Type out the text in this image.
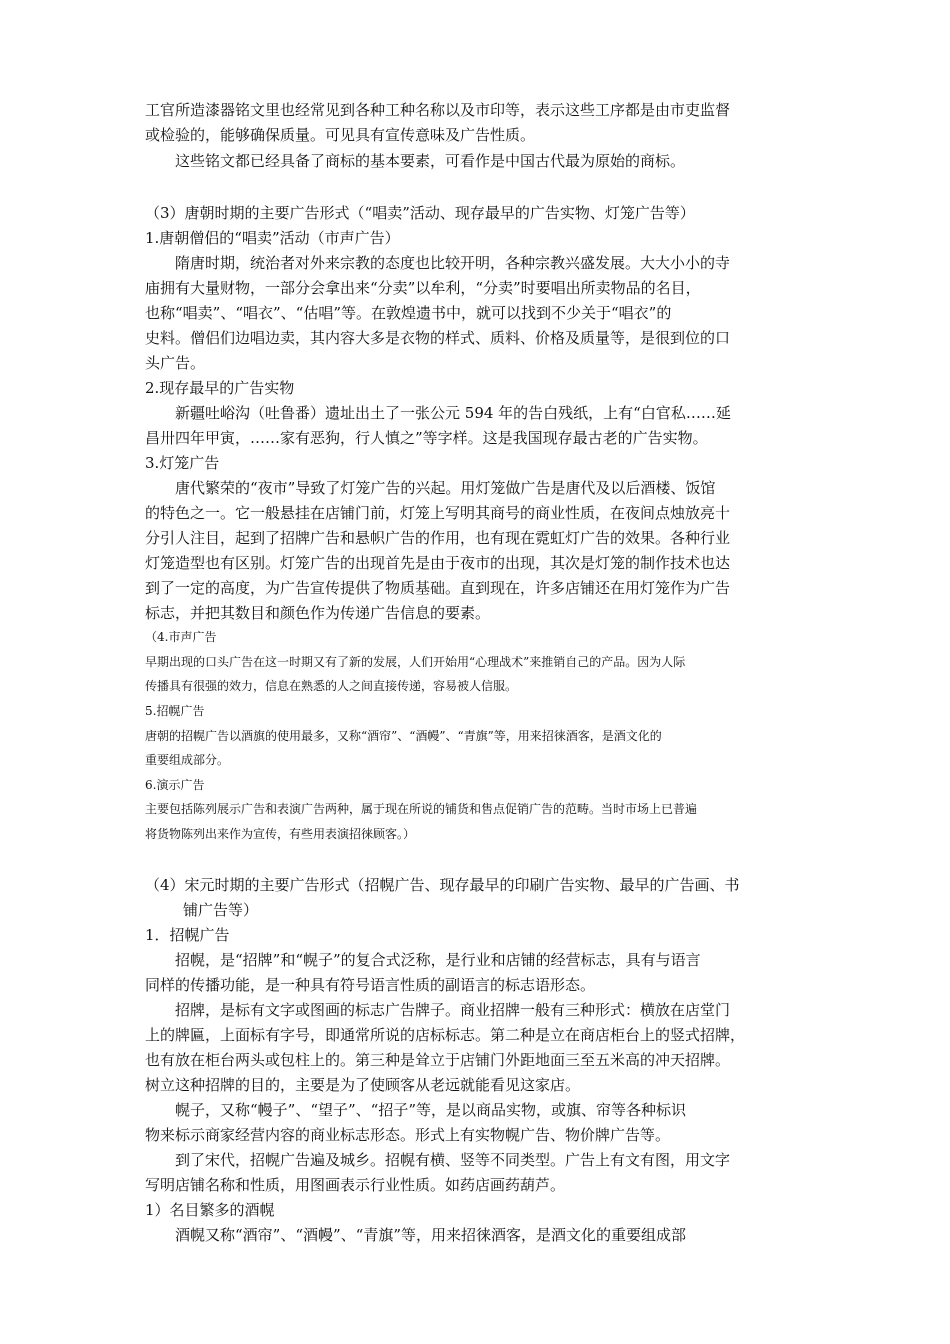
工官所造漆器铭文里也经常见到各种工种名称以及市印等，表示这些工序都是由市吏监督
或检验的，能够确保质量。可见具有宣传意味及广告性质。
这些铭文都已经具备了商标的基本要素，可看作是中国古代最为原始的商标。
（3）唐朝时期的主要广告形式（“唱卖”活动、现存最早的广告实物、灯笼广告等）
1.唐朝僧侣的“唱卖”活动（市声广告）
隋唐时期，统治者对外来宗教的态度也比较开明，各种宗教兴盛发展。大大小小的寺
庙拥有大量财物，一部分会拿出来“分卖”以牟利，“分卖”时要唱出所卖物品的名目，
也称“唱卖”、“唱衣”、“估唱”等。在敦煌遗书中，就可以找到不少关于“唱衣”的
史料。僧侣们边唱边卖，其内容大多是衣物的样式、质料、价格及质量等，是很到位的口
头广告。
2.现存最早的广告实物
新疆吐峪沟（吐鲁番）遗址出土了一张公元 594 年的告白残纸，上有“白官私……延
昌卅四年甲寅，……家有恶狗，行人慎之”等字样。这是我国现存最古老的广告实物。
3.灯笼广告
唐代繁荣的“夜市”导致了灯笼广告的兴起。用灯笼做广告是唐代及以后酒楼、饭馆
的特色之一。它一般悬挂在店铺门前，灯笼上写明其商号的商业性质，在夜间点烛放亮十
分引人注目，起到了招牌广告和悬帜广告的作用，也有现在霓虹灯广告的效果。各种行业
灯笼造型也有区别。灯笼广告的出现首先是由于夜市的出现，其次是灯笼的制作技术也达
到了一定的高度，为广告宣传提供了物质基础。直到现在，许多店铺还在用灯笼作为广告
标志，并把其数目和颜色作为传递广告信息的要素。
（4.市声广告
早期出现的口头广告在这一时期又有了新的发展，人们开始用“心理战术”来推销自己的产品。因为人际
传播具有很强的效力，信息在熟悉的人之间直接传递，容易被人信服。
5.招幌广告
唐朝的招幌广告以酒旗的使用最多，又称“酒帘”、“酒幔”、“青旗”等，用来招徕酒客，是酒文化的
重要组成部分。
6.演示广告
主要包括陈列展示广告和表演广告两种，属于现在所说的铺货和售点促销广告的范畴。当时市场上已普遍
将货物陈列出来作为宣传，有些用表演招徕顾客。）
（4）宋元时期的主要广告形式（招幌广告、现存最早的印刷广告实物、最早的广告画、书
铺广告等）
1．招幌广告
招幌，是“招牌”和“幌子”的复合式泛称，是行业和店铺的经营标志，具有与语言
同样的传播功能，是一种具有符号语言性质的副语言的标志语形态。
招牌，是标有文字或图画的标志广告牌子。商业招牌一般有三种形式：横放在店堂门
上的牌匾，上面标有字号，即通常所说的店标标志。第二种是立在商店柜台上的竖式招牌，
也有放在柜台两头或包柱上的。第三种是耸立于店铺门外距地面三至五米高的冲天招牌。
树立这种招牌的目的，主要是为了使顾客从老远就能看见这家店。
幌子，又称“幔子”、“望子”、“招子”等，是以商品实物，或旗、帘等各种标识
物来标示商家经营内容的商业标志形态。形式上有实物幌广告、物价牌广告等。
到了宋代，招幌广告遍及城乡。招幌有横、竖等不同类型。广告上有文有图，用文字
写明店铺名称和性质，用图画表示行业性质。如药店画药葫芦。
1）名目繁多的酒幌
酒幌又称“酒帘”、“酒幔”、“青旗”等，用来招徕酒客，是酒文化的重要组成部
